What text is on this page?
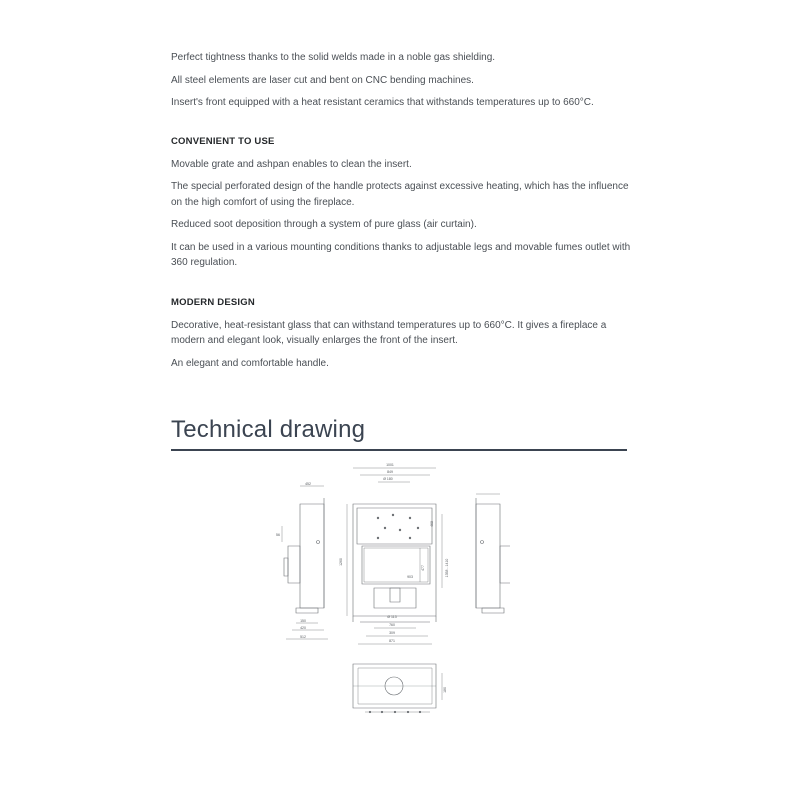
Perfect tightness thanks to the solid welds made in a noble gas shielding.

All steel elements are laser cut and bent on CNC bending machines.

Insert's front equipped with a heat resistant ceramics that withstands temperatures up to 660°C.

CONVENIENT TO USE

Movable grate and ashpan enables to clean the insert.

The special perforated design of the handle protects against excessive heating, which has the influence on the high comfort of using the fireplace.

Reduced soot deposition through a system of pure glass (air curtain).

It can be used in a various mounting conditions thanks to adjustable legs and movable fumes outlet with 360 regulation.

MODERN DESIGN

Decorative, heat-resistant glass that can withstand temperatures up to 660°C. It gives a fireplace a modern and elegant look, visually enlarges the front of the insert.

An elegant and comfortable handle.

Technical drawing
452
56
150
420
512
1001
849
Ø 180
1260
468
477
903	1358 - 1410
Ø 113
760
309
871
180
